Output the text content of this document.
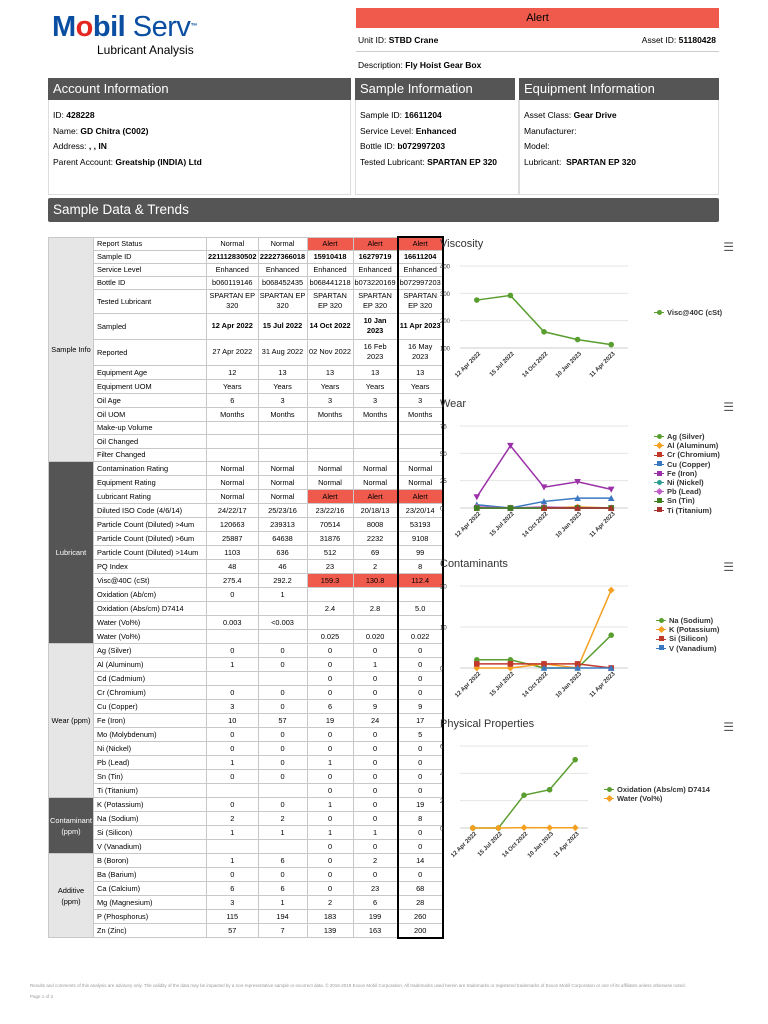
Mobil Serv™
Lubricant Analysis
Alert
Unit ID: STBD Crane	Asset ID: 51180428
Description: Fly Hoist Gear Box
Account Information
ID: 428228
Name: GD Chitra (C002)
Address: , , IN
Parent Account: Greatship (INDIA) Ltd
Sample Information
Sample ID: 16611204
Service Level: Enhanced
Bottle ID: b072997203
Tested Lubricant: SPARTAN EP 320
Equipment Information
Asset Class: Gear Drive
Manufacturer:
Model:
Lubricant: SPARTAN EP 320
Sample Data & Trends
Sample Info	Report Status	Normal	Normal	Alert	Alert	Alert
	Sample ID	221112830502	22227366018	15910418	16279719	16611204
	Service Level	Enhanced	Enhanced	Enhanced	Enhanced	Enhanced
	Bottle ID	b060119146	b068452435	b068441218	b073220169	b072997203
	Tested Lubricant	SPARTAN EP 320	SPARTAN EP 320	SPARTAN EP 320	SPARTAN EP 320	SPARTAN EP 320
	Sampled	12 Apr 2022	15 Jul 2022	14 Oct 2022	10 Jan 2023	11 Apr 2023
	Reported	27 Apr 2022	31 Aug 2022	02 Nov 2022	16 Feb 2023	16 May 2023
	Equipment Age	12	13	13	13	13
	Equipment UOM	Years	Years	Years	Years	Years
	Oil Age	6	3	3	3	3
	Oil UOM	Months	Months	Months	Months	Months
	Make-up Volume					
	Oil Changed					
	Filter Changed					
Lubricant	Contamination Rating	Normal	Normal	Normal	Normal	Normal
	Equipment Rating	Normal	Normal	Normal	Normal	Normal
	Lubricant Rating	Normal	Normal	Alert	Alert	Alert
	Diluted ISO Code (4/6/14)	24/22/17	25/23/16	23/22/16	20/18/13	23/20/14
	Particle Count (Diluted) >4um	120663	239313	70514	8008	53193
	Particle Count (Diluted) >6um	25887	64638	31876	2232	9108
	Particle Count (Diluted) >14um	1103	636	512	69	99
	PQ Index	48	46	23	2	8
	Visc@40C (cSt)	275.4	292.2	159.3	130.8	112.4
	Oxidation (Ab/cm)	0	1			
	Oxidation (Abs/cm) D7414			2.4	2.8	5.0
	Water (Vol%)	0.003	<0.003			
	Water (Vol%)			0.025	0.020	0.022
Wear (ppm)	Ag (Silver)	0	0	0	0	0
	Al (Aluminum)	1	0	0	1	0
	Cd (Cadmium)			0	0	0
	Cr (Chromium)	0	0	0	0	0
	Cu (Copper)	3	0	6	9	9
	Fe (Iron)	10	57	19	24	17
	Mo (Molybdenum)	0	0	0	0	5
	Ni (Nickel)	0	0	0	0	0
	Pb (Lead)	1	0	1	0	0
	Sn (Tin)	0	0	0	0	0
	Ti (Titanium)			0	0	0
Contaminant (ppm)	K (Potassium)	0	0	1	0	19
	Na (Sodium)	2	2	0	0	8
	Si (Silicon)	1	1	1	1	0
	V (Vanadium)			0	0	0
Additive (ppm)	B (Boron)	1	6	0	2	14
	Ba (Barium)	0	0	0	0	0
	Ca (Calcium)	6	6	0	23	68
	Mg (Magnesium)	3	1	2	6	28
	P (Phosphorus)	115	194	183	199	260
	Zn (Zinc)	57	7	139	163	200
Viscosity	☰
100
200
300
400
12 Apr 2022 15 Jul 2022 14 Oct 2022 10 Jan 2023 11 Apr 2023
Visc@40C (cSt)
Wear	☰
0
25
50
75
12 Apr 2022 15 Jul 2022 14 Oct 2022 10 Jan 2023 11 Apr 2023
Ag (Silver)
Al (Aluminum)
Cr (Chromium)
Cu (Copper)
Fe (Iron)
Ni (Nickel)
Pb (Lead)
Sn (Tin)
Ti (Titanium)
Contaminants	☰
0
10
20
12 Apr 2022 15 Jul 2022 14 Oct 2022 10 Jan 2023 11 Apr 2023
Na (Sodium)
K (Potassium)
Si (Silicon)
V (Vanadium)
Physical Properties	☰
0
2
4
6
12 Apr 2022
15 Jul 2022
14 Oct 2022
10 Jan 2023
11 Apr 2023
Oxidation (Abs/cm) D7414
Water (Vol%)
Results and comments of this analysis are advisory only. The validity of the data may be impacted by a non-representative sample or incorrect data. © 2016-2019 Exxon Mobil Corporation. All trademarks used herein are trademarks or registered trademarks of Exxon Mobil Corporation or one of its affiliates unless otherwise noted.
Page 1 of 3
